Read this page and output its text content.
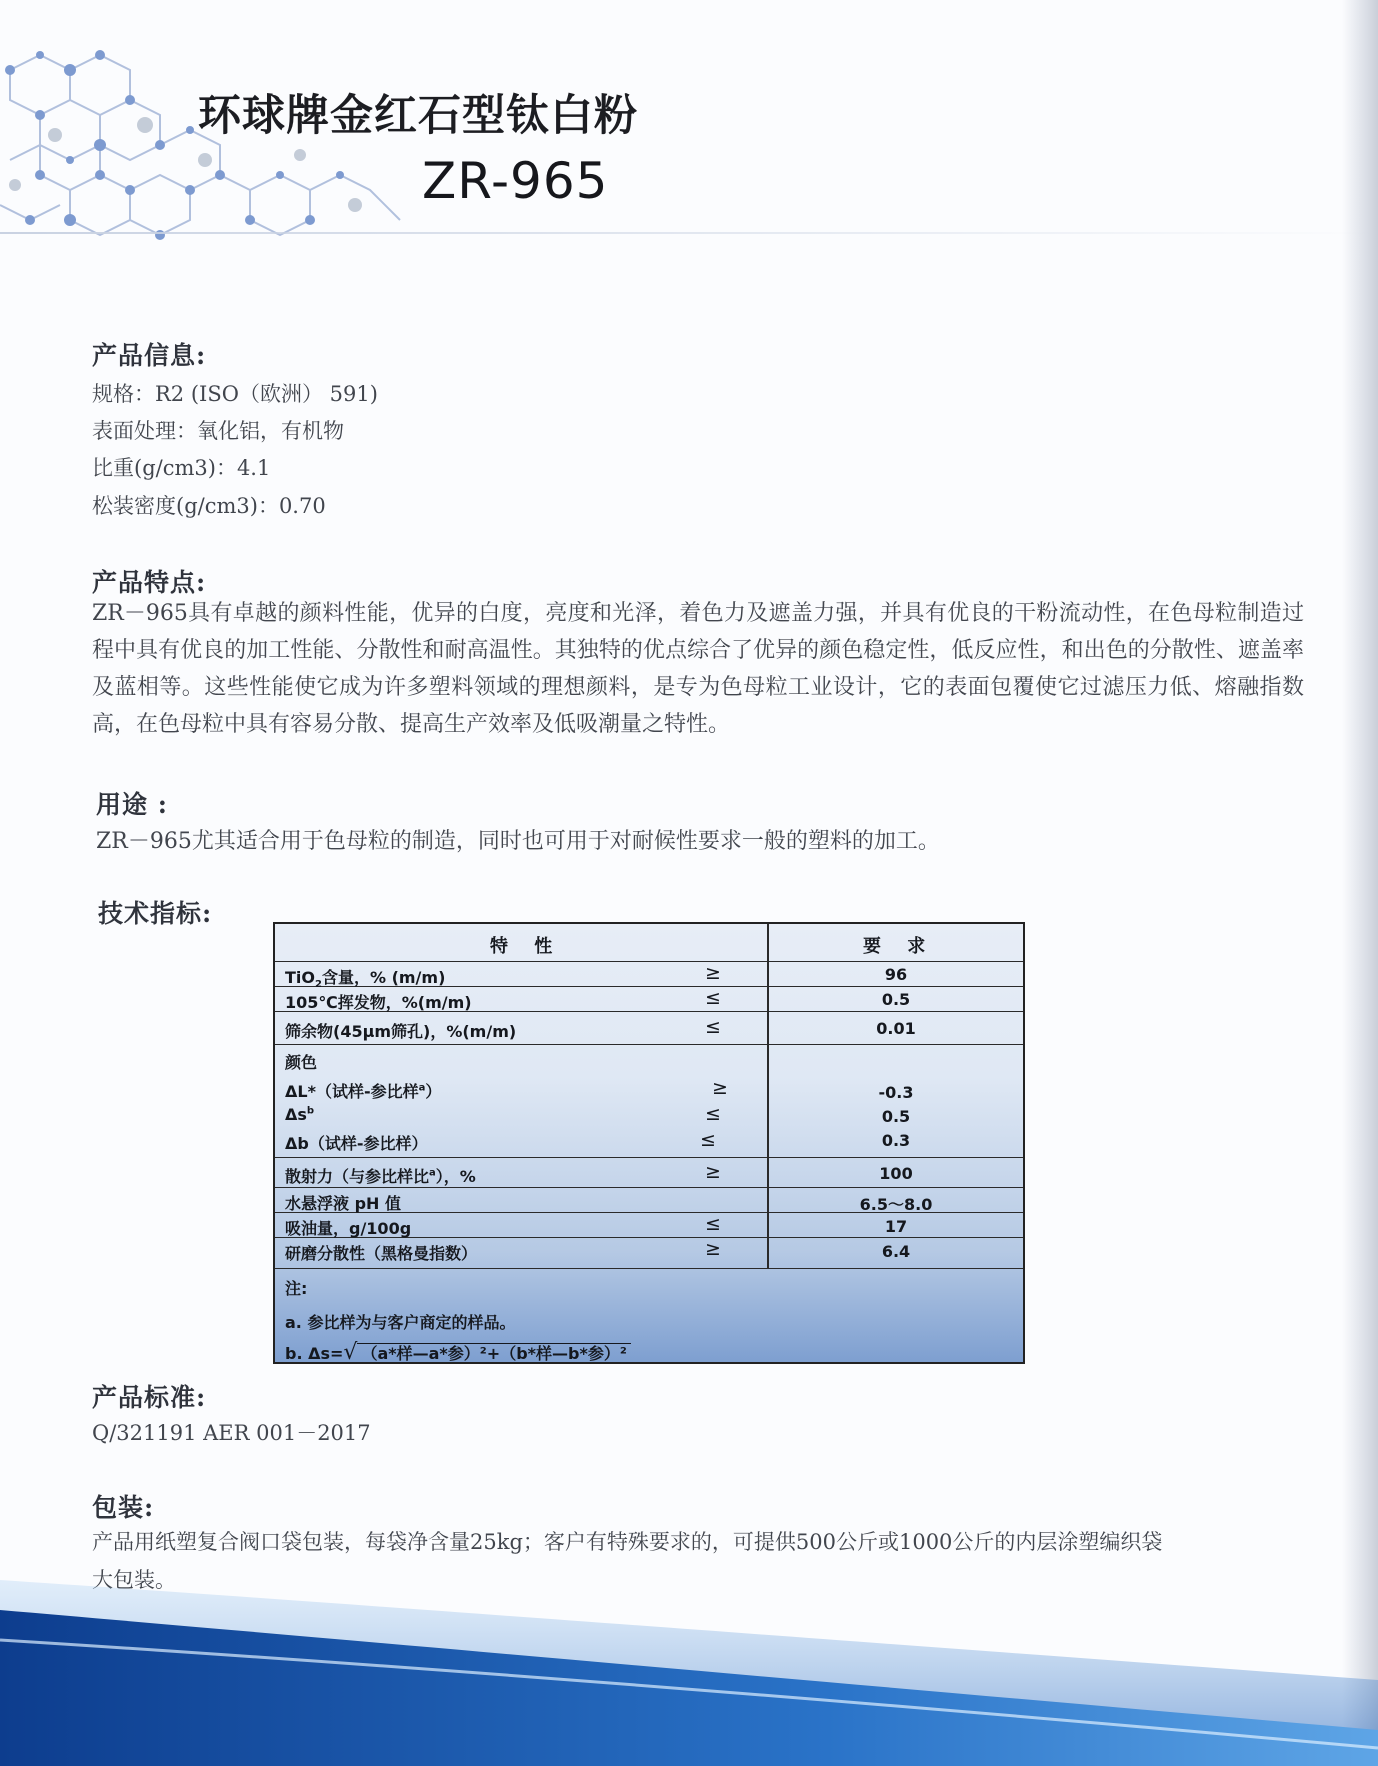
环球牌金红石型钛白粉
ZR-965
产品信息:

规格：R2 (ISO（欧洲） 591)

表面处理：氧化铝，有机物

比重(g/cm3)：4.1

松装密度(g/cm3)：0.70

产品特点:

ZR－965具有卓越的颜料性能，优异的白度，亮度和光泽，着色力及遮盖力强，并具有优良的干粉流动性，在色母粒制造过程中具有优良的加工性能、分散性和耐高温性。其独特的优点综合了优异的颜色稳定性，低反应性，和出色的分散性、遮盖率及蓝相等。这些性能使它成为许多塑料领域的理想颜料，是专为色母粒工业设计，它的表面包覆使它过滤压力低、熔融指数高，在色母粒中具有容易分散、提高生产效率及低吸潮量之特性。

用途 :

ZR－965尤其适合用于色母粒的制造，同时也可用于对耐候性要求一般的塑料的加工。

技术指标:
特 性	要 求
TiO$_2$含量，% (m/m)	≥	96
105℃挥发物，%(m/m)	≤	0.5
筛余物(45μm筛孔)，%(m/m)	≤	0.01
颜色
ΔL*（试样-参比样$^a$）	≥	-0.3
$\Delta s^b$	≤	0.5
Δb（试样-参比样）	≤	0.3
散射力（与参比样比$^a$），%	≥	100
水悬浮液 pH 值	6.5～8.0
吸油量，g/100g	≤	17
研磨分散性（黑格曼指数）	≥	6.4
注:
a. 参比样为与客户商定的样品。
b. Δs=√ （a*样—a*参）²+（b*样—b*参）²
产品标准:

Q/321191 AER 001－2017

包装:

产品用纸塑复合阀口袋包装，每袋净含量25kg；客户有特殊要求的，可提供500公斤或1000公斤的内层涂塑编织袋

大包装。
